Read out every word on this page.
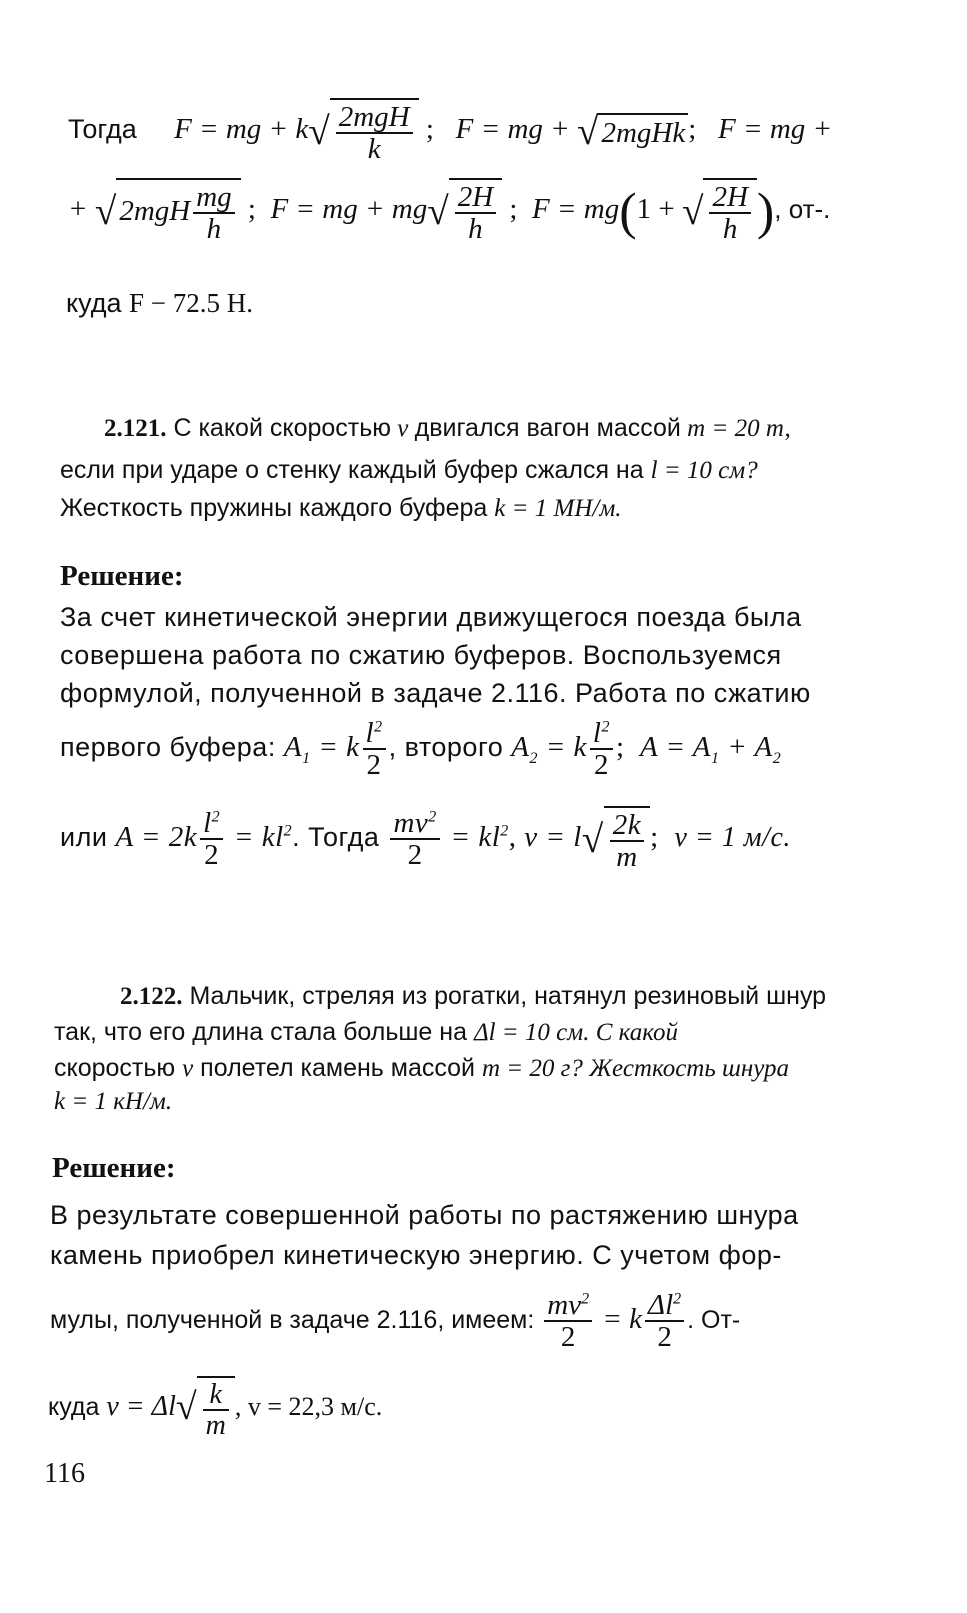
Тогда F = mg + $k√ \frac{\text{2mgH}}{k}$ ;   F = mg + √ 2mgHk ;   F = mg +
+ √ $2mgH \frac{mg}{h}$ ;  F = mg + $mg√ \frac{2H}{h}$ ;  F = mg(1 + √ $\frac{2H}{h}$ ), от-.
куда F − 72.5 Н.
2.121. С какой скоростью v двигался вагон массой m = 20 т,
если при ударе о стенку каждый буфер сжался на l = 10 см?
Жесткость пружины каждого буфера k = 1 МН/м.
Решение:
За счет кинетической энергии движущегося поезда была
совершена работа по сжатию буферов. Воспользуемся
формулой, полученной в задаче 2.116. Работа по сжатию
первого буфера: $A_1 = k \frac{l^2}{2}$ , второго $A_2 = k \frac{l^2}{2}$ ;  $A = A_1 + A_2$
или $A = 2k \frac{l^2}{2} = kl^2$. Тогда $\frac{mv^2}{2} = kl^2$, $v = l√ \frac{2k}{m}$ ;  v = 1 м/с.
2.122. Мальчик, стреляя из рогатки, натянул резиновый шнур
так, что его длина стала больше на Δl = 10 см. С какой
скоростью v полетел камень массой m = 20 г? Жесткость шнура
k = 1 кН/м.
Решение:
В результате совершенной работы по растяжению шнура
камень приобрел кинетическую энергию. С учетом фор-
мулы, полученной в задаче 2.116, имеем: $\frac{mv^2}{2} = k \frac{\Delta l^2}{2}$ . От-
куда $v = \Delta l√ \frac{k}{m}$ , v = 22,3 м/с.
116
